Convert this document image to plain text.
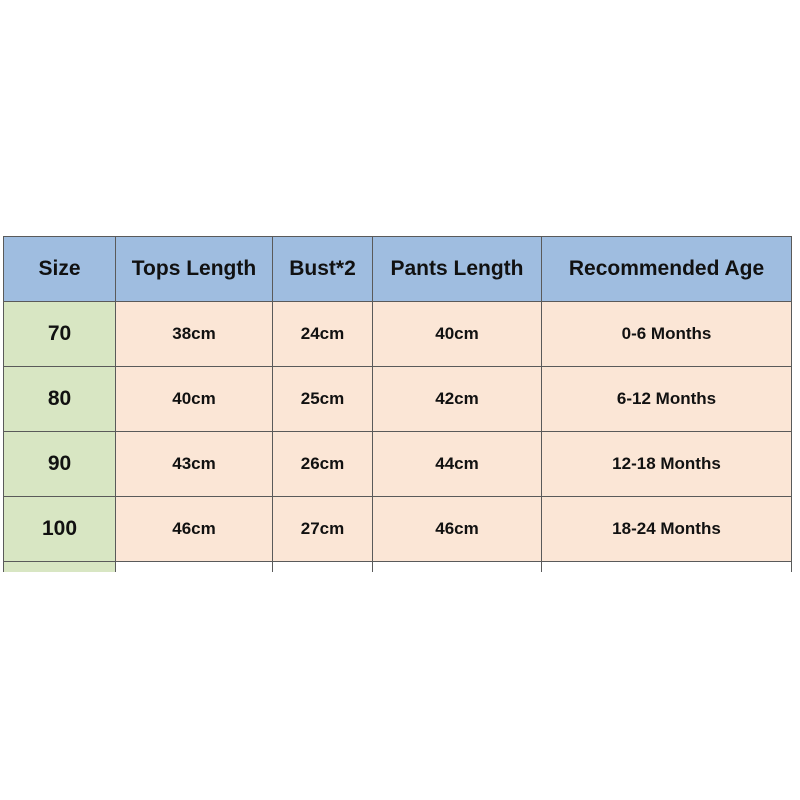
Size	Tops Length	Bust*2	Pants Length	Recommended Age
70	38cm	24cm	40cm	0-6 Months
80	40cm	25cm	42cm	6-12 Months
90	43cm	26cm	44cm	12-18 Months
100	46cm	27cm	46cm	18-24 Months
